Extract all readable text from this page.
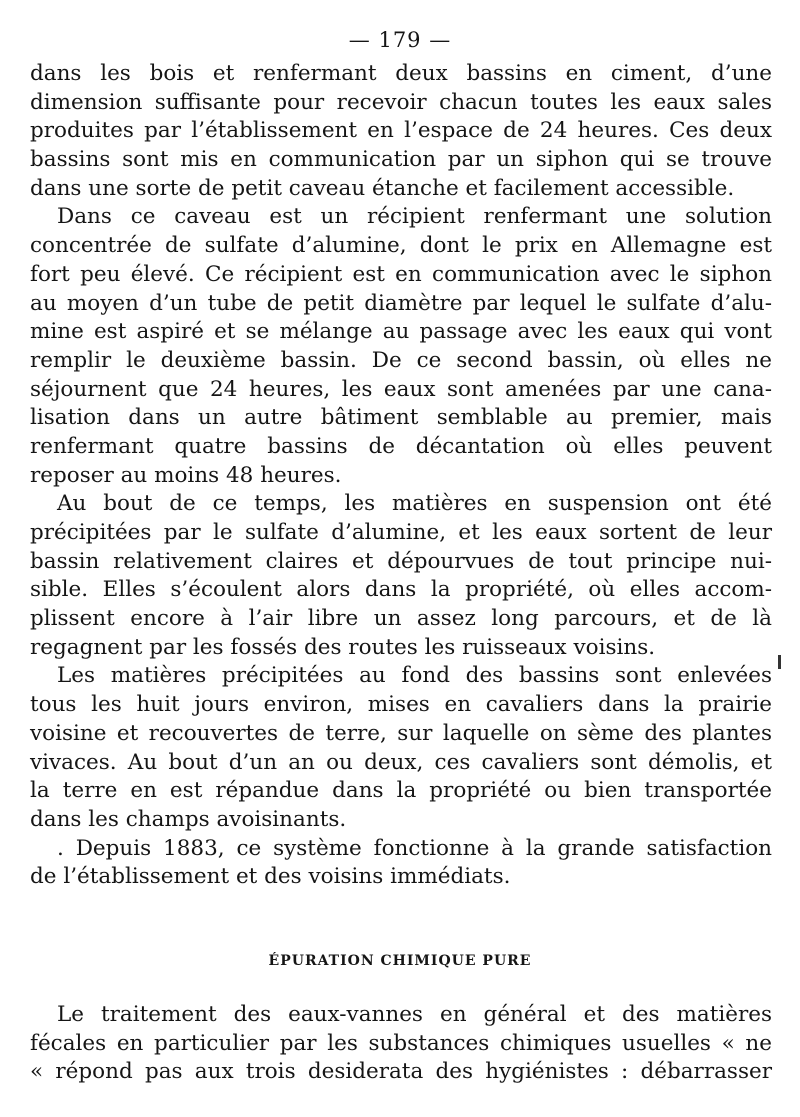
— 179 —
dans les bois et renfermant deux bassins en ciment, d’une
dimension suffisante pour recevoir chacun toutes les eaux sales
produites par l’établissement en l’espace de 24 heures. Ces deux
bassins sont mis en communication par un siphon qui se trouve
dans une sorte de petit caveau étanche et facilement accessible.
Dans ce caveau est un récipient renfermant une solution
concentrée de sulfate d’alumine, dont le prix en Allemagne est
fort peu élevé. Ce récipient est en communication avec le siphon
au moyen d’un tube de petit diamètre par lequel le sulfate d’alu-
mine est aspiré et se mélange au passage avec les eaux qui vont
remplir le deuxième bassin. De ce second bassin, où elles ne
séjournent que 24 heures, les eaux sont amenées par une cana-
lisation dans un autre bâtiment semblable au premier, mais
renfermant quatre bassins de décantation où elles peuvent
reposer au moins 48 heures.
Au bout de ce temps, les matières en suspension ont été
précipitées par le sulfate d’alumine, et les eaux sortent de leur
bassin relativement claires et dépourvues de tout principe nui-
sible. Elles s’écoulent alors dans la propriété, où elles accom-
plissent encore à l’air libre un assez long parcours, et de là
regagnent par les fossés des routes les ruisseaux voisins.
Les matières précipitées au fond des bassins sont enlevées
tous les huit jours environ, mises en cavaliers dans la prairie
voisine et recouvertes de terre, sur laquelle on sème des plantes
vivaces. Au bout d’un an ou deux, ces cavaliers sont démolis, et
la terre en est répandue dans la propriété ou bien transportée
dans les champs avoisinants.
. Depuis 1883, ce système fonctionne à la grande satisfaction
de l’établissement et des voisins immédiats.
ÉPURATION CHIMIQUE PURE
Le traitement des eaux-vannes en général et des matières
fécales en particulier par les substances chimiques usuelles « ne
« répond pas aux trois desiderata des hygiénistes : débarrasser
